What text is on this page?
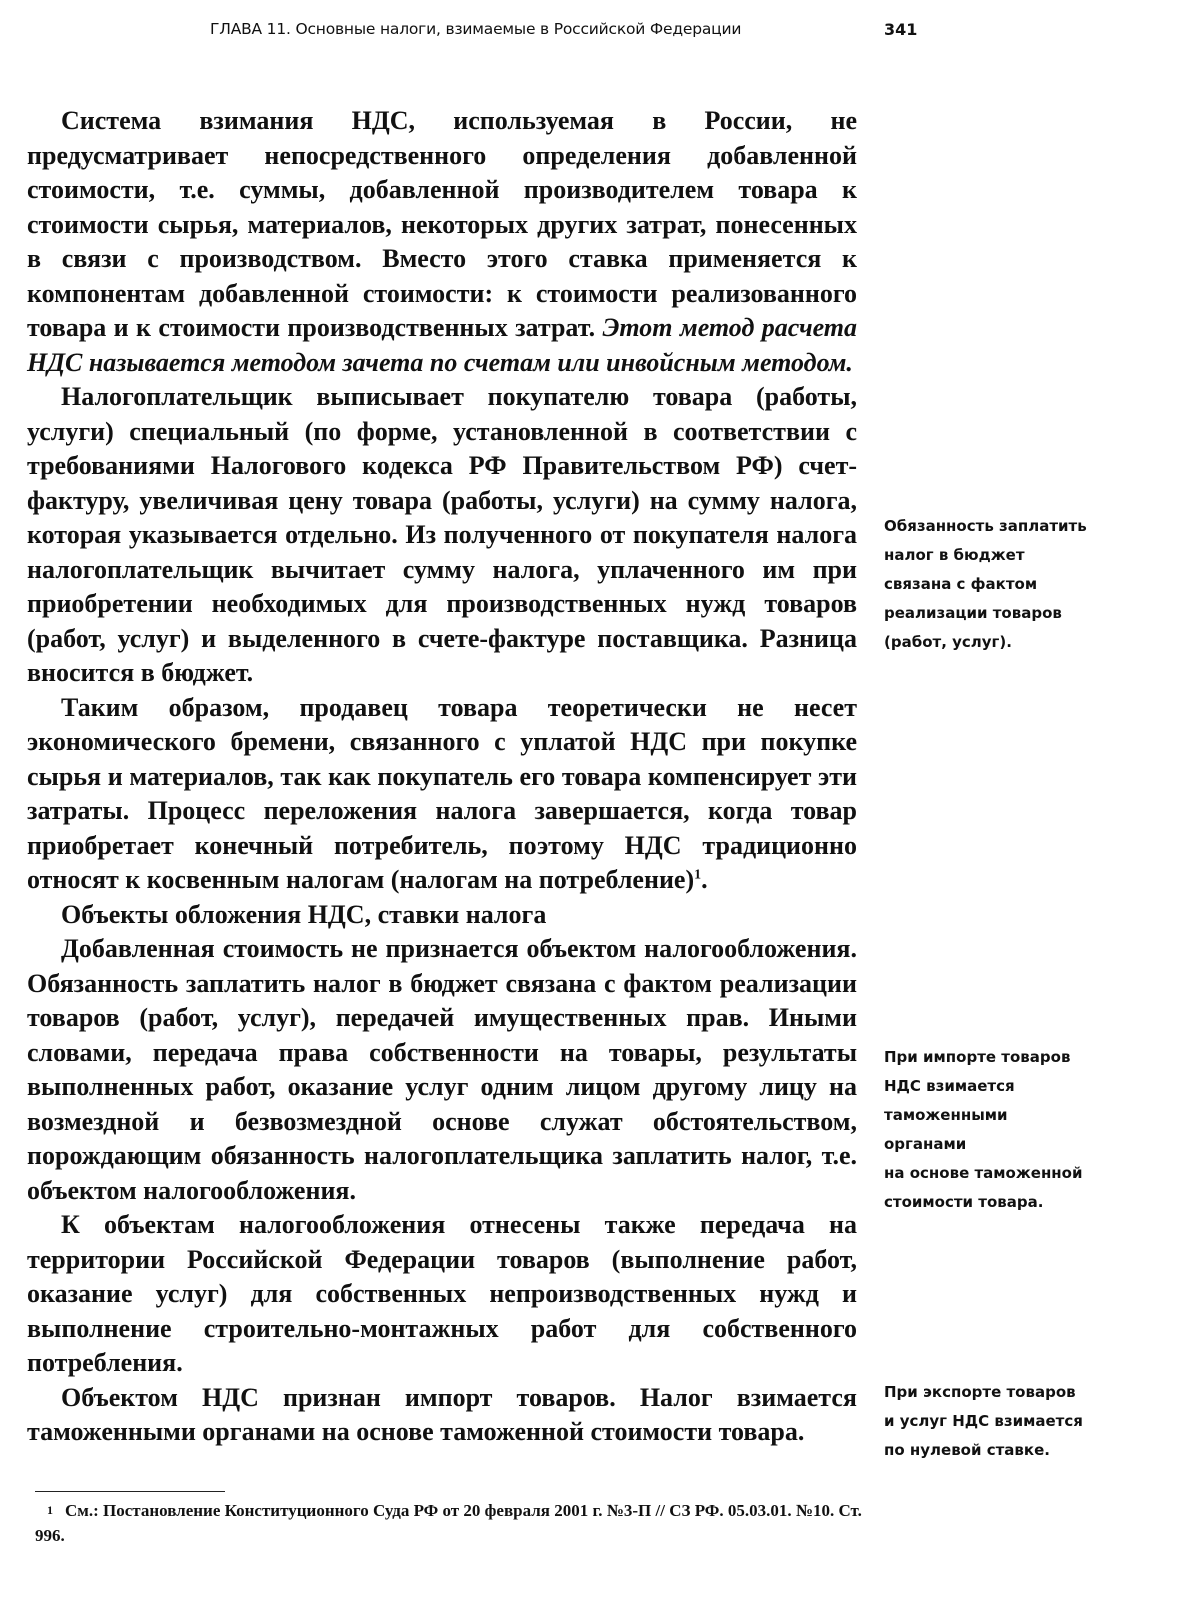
ГЛАВА 11. Основные налоги, взимаемые в Российской Федерации	341

Система взимания НДС, используемая в России, не предусматривает непосредственного определения добавленной стоимости, т.е. суммы, добавленной производителем товара к стоимости сырья, материалов, некоторых других затрат, понесенных в связи с производством. Вместо этого ставка применяется к компонентам добавленной стоимости: к стоимости реализованного товара и к стоимости производственных затрат. Этот метод расчета НДС называется методом зачета по счетам или инвойсным методом.

Налогоплательщик выписывает покупателю товара (работы, услуги) специальный (по форме, установленной в соответствии с требованиями Налогового кодекса РФ Правительством РФ) счет-фактуру, увеличивая цену товара (работы, услуги) на сумму налога, которая указывается отдельно. Из полученного от покупателя налога налогоплательщик вычитает сумму налога, уплаченного им при приобретении необходимых для производственных нужд товаров (работ, услуг) и выделенного в счете-фактуре поставщика. Разница вносится в бюджет.

Таким образом, продавец товара теоретически не несет экономического бремени, связанного с уплатой НДС при покупке сырья и материалов, так как покупатель его товара компенсирует эти затраты. Процесс переложения налога завершается, когда товар приобретает конечный потребитель, поэтому НДС традиционно относят к косвенным налогам (налогам на потребление)$^1$.

Объекты обложения НДС, ставки налога

Добавленная стоимость не признается объектом налогообложения. Обязанность заплатить налог в бюджет связана с фактом реализации товаров (работ, услуг), передачей имущественных прав. Иными словами, передача права собственности на товары, результаты выполненных работ, оказание услуг одним лицом другому лицу на возмездной и безвозмездной основе служат обстоятельством, порождающим обязанность налогоплательщика заплатить налог, т.е. объектом налогообложения.

К объектам налогообложения отнесены также передача на территории Российской Федерации товаров (выполнение работ, оказание услуг) для собственных непроизводственных нужд и выполнение строительно-монтажных работ для собственного потребления.

Объектом НДС признан импорт товаров. Налог взимается таможенными органами на основе таможенной стоимости товара.

Обязанность заплатить
налог в бюджет
связана с фактом
реализации товаров
(работ, услуг).
При импорте товаров
НДС взимается
таможенными
органами
на основе таможенной
стоимости товара.
При экспорте товаров
и услуг НДС взимается
по нулевой ставке.
1 См.: Постановление Конституционного Суда РФ от 20 февраля 2001 г. №3-П // СЗ РФ. 05.03.01. №10. Ст. 996.
